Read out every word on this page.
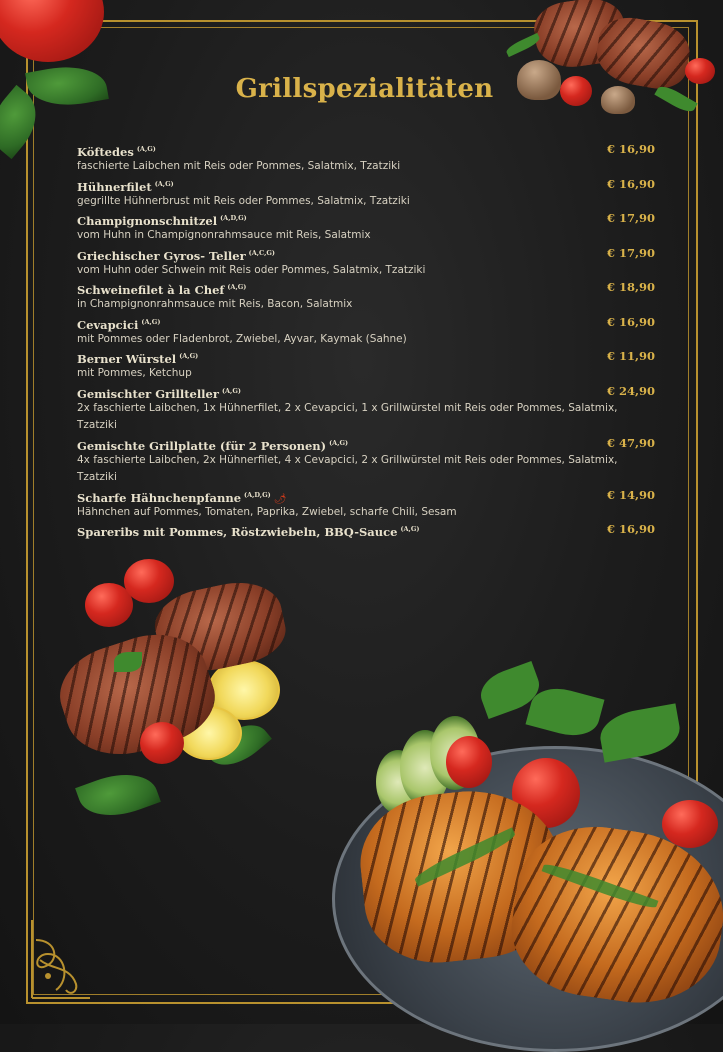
Grillspezialitäten
Köftedes $^{(A,G)}$	€ 16,90
faschierte Laibchen mit Reis oder Pommes, Salatmix, Tzatziki
Hühnerfilet $^{(A,G)}$	€ 16,90
gegrillte Hühnerbrust mit Reis oder Pommes, Salatmix, Tzatziki
Champignonschnitzel $^{(A,D,G)}$	€ 17,90
vom Huhn in Champignonrahmsauce mit Reis, Salatmix
Griechischer Gyros- Teller $^{(A,C,G)}$	€ 17,90
vom Huhn oder Schwein mit Reis oder Pommes, Salatmix, Tzatziki
Schweinefilet à la Chef $^{(A,G)}$	€ 18,90
in Champignonrahmsauce mit Reis, Bacon, Salatmix
Cevapcici $^{(A,G)}$	€ 16,90
mit Pommes oder Fladenbrot, Zwiebel, Ayvar, Kaymak (Sahne)
Berner Würstel $^{(A,G)}$	€ 11,90
mit Pommes, Ketchup
Gemischter Grillteller $^{(A,G)}$	€ 24,90
2x faschierte Laibchen, 1x Hühnerfilet, 2 x Cevapcici, 1 x Grillwürstel mit Reis oder Pommes, Salatmix, Tzatziki
Gemischte Grillplatte (für 2 Personen) $^{(A,G)}$	€ 47,90
4x faschierte Laibchen, 2x Hühnerfilet, 4 x Cevapcici, 2 x Grillwürstel mit Reis oder Pommes, Salatmix, Tzatziki
Scharfe Hähnchenpfanne $^{(A,D,G)}$ 🌶	€ 14,90
Hähnchen auf Pommes, Tomaten, Paprika, Zwiebel, scharfe Chili, Sesam
Spareribs mit Pommes, Röstzwiebeln, BBQ-Sauce $^{(A,G)}$	€ 16,90
